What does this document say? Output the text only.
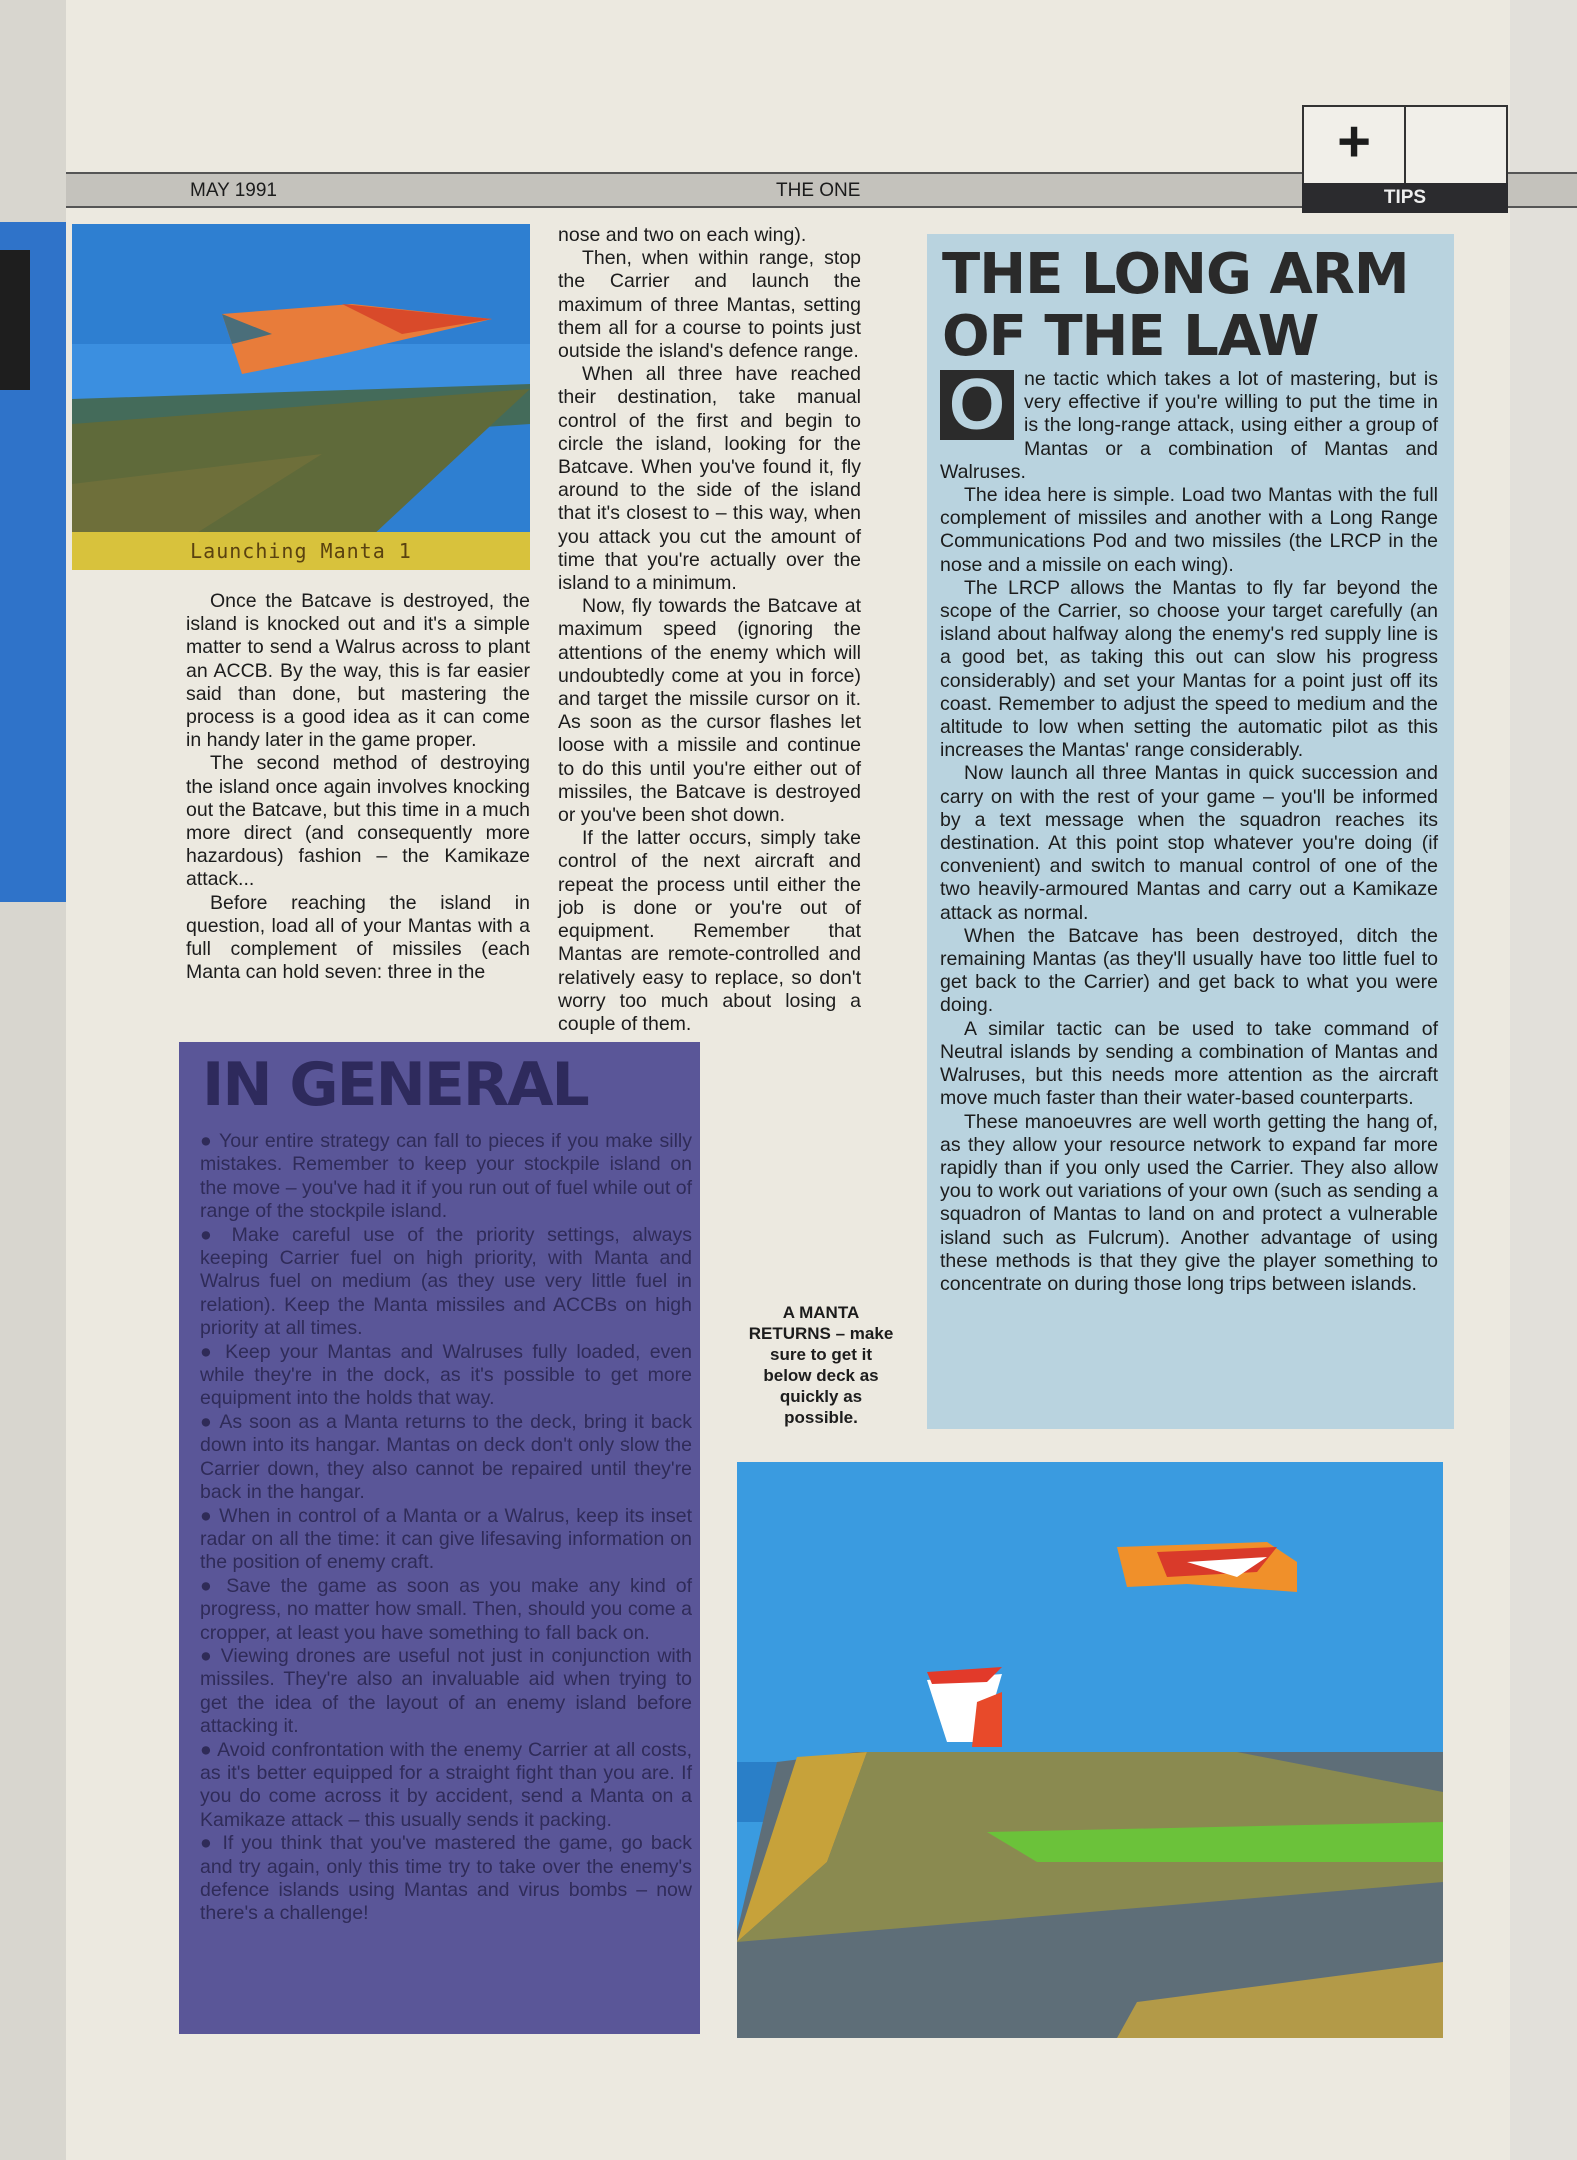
MAY 1991	THE ONE
+
TIPS
Launching Manta 1

Once the Batcave is destroyed, the island is knocked out and it's a simple matter to send a Walrus across to plant an ACCB. By the way, this is far easier said than done, but mastering the process is a good idea as it can come in handy later in the game proper.

The second method of destroying the island once again involves knocking out the Batcave, but this time in a much more direct (and consequently more hazardous) fashion – the Kamikaze attack...

Before reaching the island in question, load all of your Mantas with a full complement of missiles (each Manta can hold seven: three in the

nose and two on each wing).

Then, when within range, stop the Carrier and launch the maximum of three Mantas, setting them all for a course to points just outside the island's defence range.

When all three have reached their destination, take manual control of the first and begin to circle the island, looking for the Batcave. When you've found it, fly around to the side of the island that it's closest to – this way, when you attack you cut the amount of time that you're actually over the island to a minimum.

Now, fly towards the Batcave at maximum speed (ignoring the attentions of the enemy which will undoubtedly come at you in force) and target the missile cursor on it. As soon as the cursor flashes let loose with a missile and continue to do this until you're either out of missiles, the Batcave is destroyed or you've been shot down.

If the latter occurs, simply take control of the next aircraft and repeat the process until either the job is done or you're out of equipment. Remember that Mantas are remote-controlled and relatively easy to replace, so don't worry too much about losing a couple of them.

THE LONG ARM
OF THE LAW

O ne tactic which takes a lot of mastering, but is very effective if you're willing to put the time in is the long-range attack, using either a group of Mantas or a combination of Mantas and Walruses.

The idea here is simple. Load two Mantas with the full complement of missiles and another with a Long Range Communications Pod and two missiles (the LRCP in the nose and a missile on each wing).

The LRCP allows the Mantas to fly far beyond the scope of the Carrier, so choose your target carefully (an island about halfway along the enemy's red supply line is a good bet, as taking this out can slow his progress considerably) and set your Mantas for a point just off its coast. Remember to adjust the speed to medium and the altitude to low when setting the automatic pilot as this increases the Mantas' range considerably.

Now launch all three Mantas in quick succession and carry on with the rest of your game – you'll be informed by a text message when the squadron reaches its destination. At this point stop whatever you're doing (if convenient) and switch to manual control of one of the two heavily-armoured Mantas and carry out a Kamikaze attack as normal.

When the Batcave has been destroyed, ditch the remaining Mantas (as they'll usually have too little fuel to get back to the Carrier) and get back to what you were doing.

A similar tactic can be used to take command of Neutral islands by sending a combination of Mantas and Walruses, but this needs more attention as the aircraft move much faster than their water-based counterparts.

These manoeuvres are well worth getting the hang of, as they allow your resource network to expand far more rapidly than if you only used the Carrier. They also allow you to work out variations of your own (such as sending a squadron of Mantas to land on and protect a vulnerable island such as Fulcrum). Another advantage of using these methods is that they give the player something to concentrate on during those long trips between islands.

IN GENERAL

● Your entire strategy can fall to pieces if you make silly mistakes. Remember to keep your stockpile island on the move – you've had it if you run out of fuel while out of range of the stockpile island.

● Make careful use of the priority settings, always keeping Carrier fuel on high priority, with Manta and Walrus fuel on medium (as they use very little fuel in relation). Keep the Manta missiles and ACCBs on high priority at all times.

● Keep your Mantas and Walruses fully loaded, even while they're in the dock, as it's possible to get more equipment into the holds that way.

● As soon as a Manta returns to the deck, bring it back down into its hangar. Mantas on deck don't only slow the Carrier down, they also cannot be repaired until they're back in the hangar.

● When in control of a Manta or a Walrus, keep its inset radar on all the time: it can give lifesaving information on the position of enemy craft.

● Save the game as soon as you make any kind of progress, no matter how small. Then, should you come a cropper, at least you have something to fall back on.

● Viewing drones are useful not just in conjunction with missiles. They're also an invaluable aid when trying to get the idea of the layout of an enemy island before attacking it.

● Avoid confrontation with the enemy Carrier at all costs, as it's better equipped for a straight fight than you are. If you do come across it by accident, send a Manta on a Kamikaze attack – this usually sends it packing.

● If you think that you've mastered the game, go back and try again, only this time try to take over the enemy's defence islands using Mantas and virus bombs – now there's a challenge!

A MANTA RETURNS – make sure to get it below deck as quickly as possible.
